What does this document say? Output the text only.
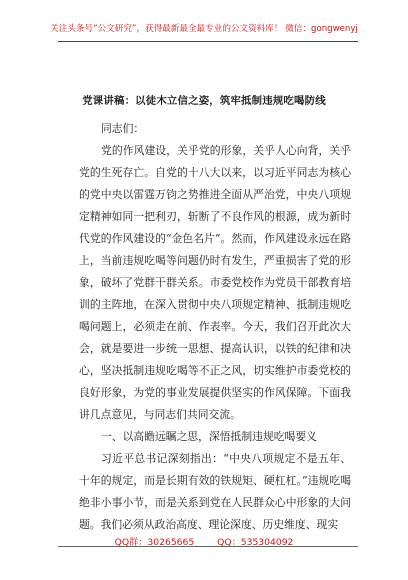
关注头条号“公文研究”，获得最新最全最专业的公文资料库！ 微信：gongwenyj
党课讲稿：以徒木立信之姿，筑牢抵制违规吃喝防线

同志们：

党的作风建设，关乎党的形象，关乎人心向背，关乎党的生死存亡。自党的十八大以来，以习近平同志为核心的党中央以雷霆万钧之势推进全面从严治党，中央八项规定精神如同一把利刃，斩断了不良作风的根源，成为新时代党的作风建设的“金色名片”。然而，作风建设永远在路上，当前违规吃喝等问题仍时有发生，严重损害了党的形象，破坏了党群干群关系。市委党校作为党员干部教育培训的主阵地，在深入贯彻中央八项规定精神、抵制违规吃喝问题上，必须走在前、作表率。今天，我们召开此次大会，就是要进一步统一思想、提高认识，以铁的纪律和决心，坚决抵制违规吃喝等不正之风，切实维护市委党校的良好形象，为党的事业发展提供坚实的作风保障。下面我讲几点意见，与同志们共同交流。

一、以高瞻远瞩之思，深悟抵制违规吃喝要义

习近平总书记深刻指出：“中央八项规定不是五年、十年的规定，而是长期有效的铁规矩、硬杠杠。”违规吃喝绝非小事小节，而是关系到党在人民群众心中形象的大问题。我们必须从政治高度、理论深度、历史维度、现实

QQ群：30265665 QQ：535304092
